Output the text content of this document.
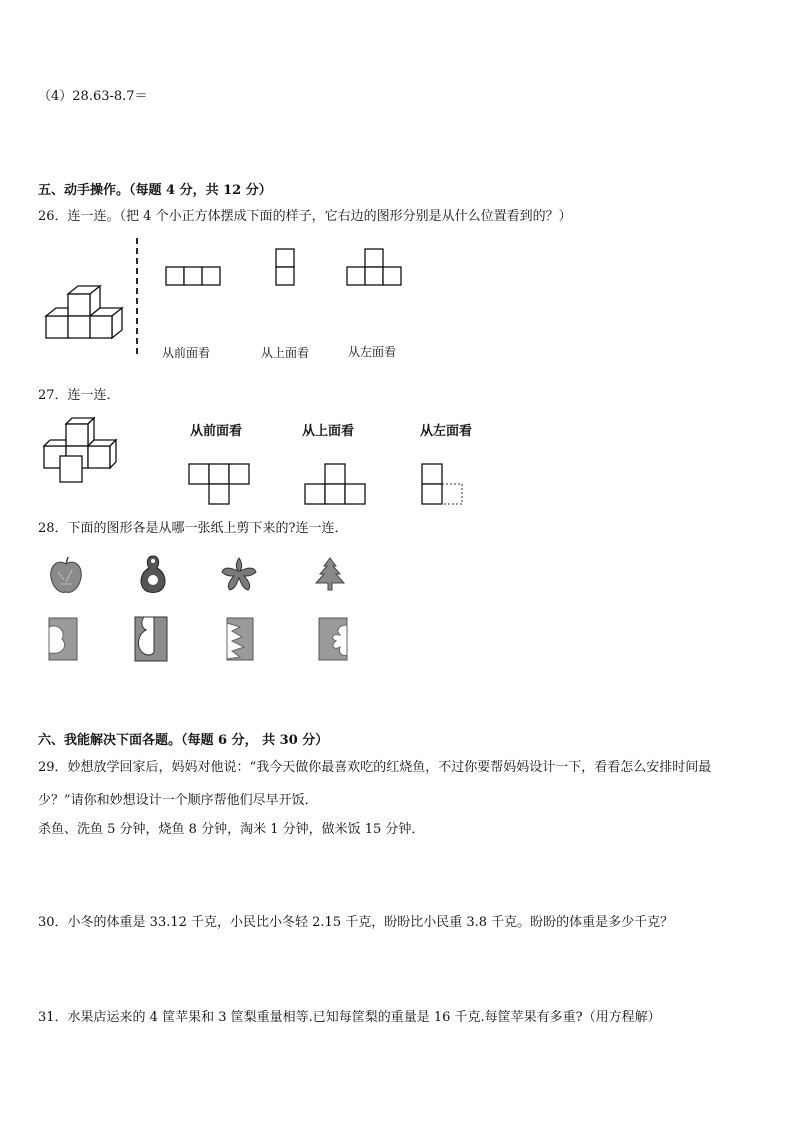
（4）28.63-8.7＝
五、动手操作。（每题 4 分，共 12 分）
26．连一连。（把 4 个小正方体摆成下面的样子，它右边的图形分别是从什么位置看到的？）
从前面看	从上面看	从左面看
27．连一连．
从前面看	从上面看	从左面看
28．下面的图形各是从哪一张纸上剪下来的?连一连．
六、我能解决下面各题。（每题 6 分， 共 30 分）
29．妙想放学回家后，妈妈对他说：“我今天做你最喜欢吃的红烧鱼，不过你要帮妈妈设计一下，看看怎么安排时间最
少？”请你和妙想设计一个顺序帮他们尽早开饭．
杀鱼、洗鱼 5 分钟，烧鱼 8 分钟，淘米 1 分钟，做米饭 15 分钟．
30．小冬的体重是 33.12 千克，小民比小冬轻 2.15 千克，盼盼比小民重 3.8 千克。盼盼的体重是多少千克？
31．水果店运来的 4 筐苹果和 3 筐梨重量相等.已知每筐梨的重量是 16 千克.每筐苹果有多重?（用方程解）
